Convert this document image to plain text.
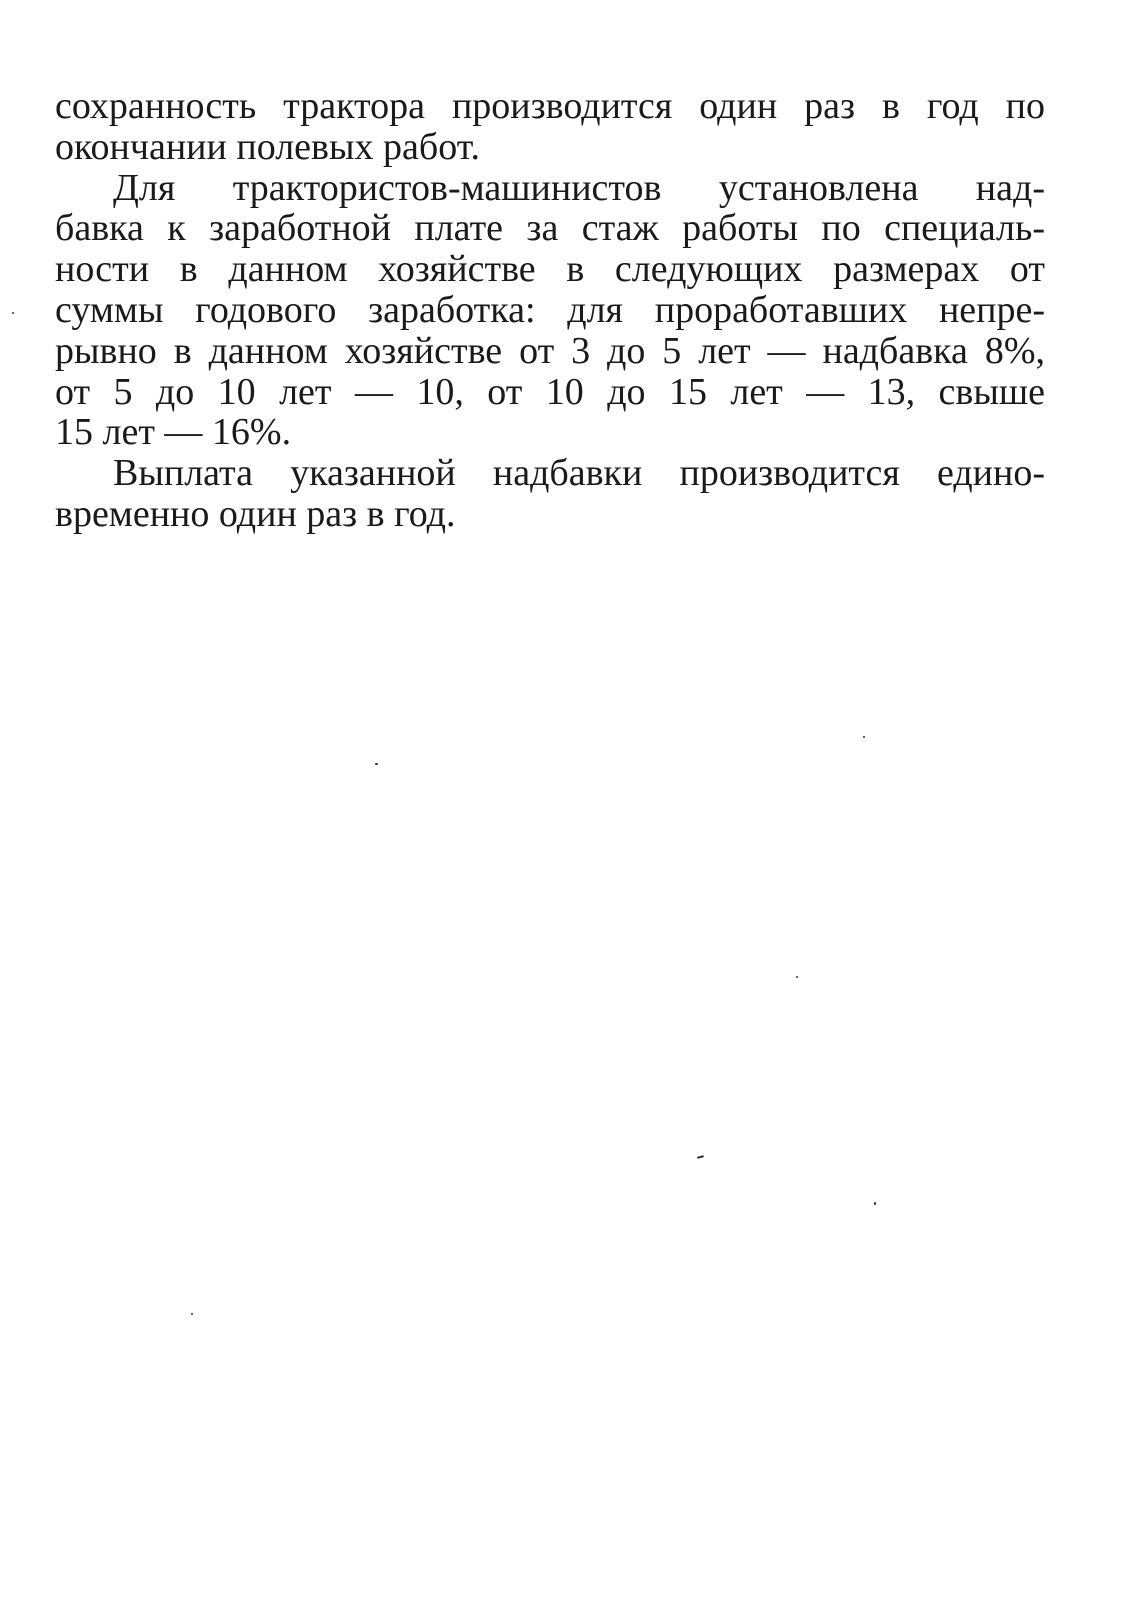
сохранность трактора производится один раз в год по
окончании полевых работ.
Для трактористов-машинистов установлена над-
бавка к заработной плате за стаж работы по специаль-
ности в данном хозяйстве в следующих размерах от
суммы годового заработка: для проработавших непре-
рывно в данном хозяйстве от 3 до 5 лет — надбавка 8%,
от 5 до 10 лет — 10, от 10 до 15 лет — 13, свыше
15 лет — 16%.
Выплата указанной надбавки производится едино-
временно один раз в год.
